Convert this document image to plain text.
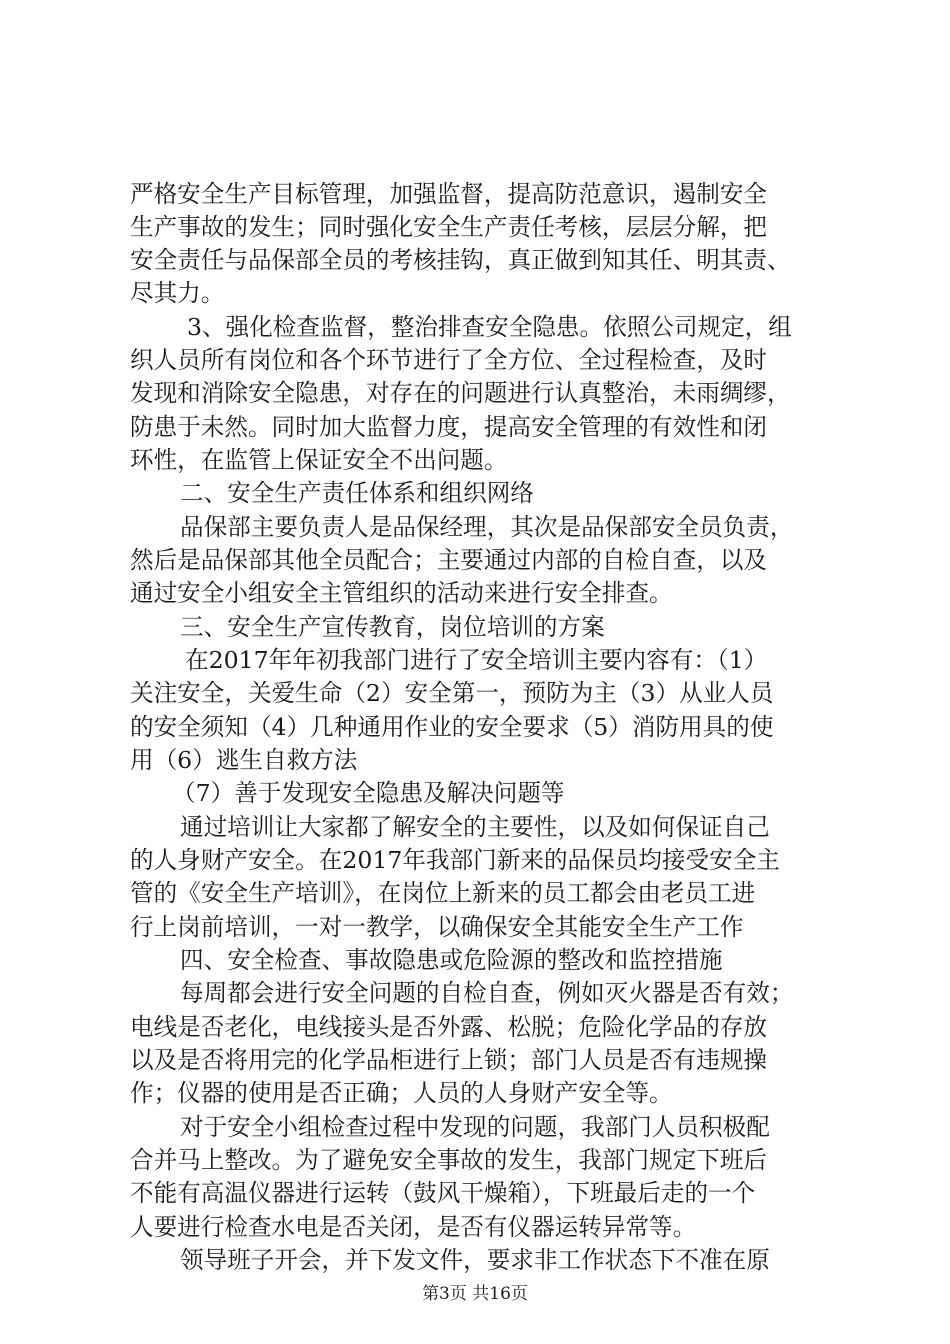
严格安全生产目标管理，加强监督，提高防范意识，遏制安全

生产事故的发生；同时强化安全生产责任考核，层层分解，把

安全责任与品保部全员的考核挂钩，真正做到知其任、明其责、

尽其力。

3、强化检查监督，整治排查安全隐患。依照公司规定，组

织人员所有岗位和各个环节进行了全方位、全过程检查，及时

发现和消除安全隐患，对存在的问题进行认真整治，未雨绸缪，

防患于未然。同时加大监督力度，提高安全管理的有效性和闭

环性，在监管上保证安全不出问题。

二、安全生产责任体系和组织网络

品保部主要负责人是品保经理，其次是品保部安全员负责，

然后是品保部其他全员配合；主要通过内部的自检自查，以及

通过安全小组安全主管组织的活动来进行安全排查。

三、安全生产宣传教育，岗位培训的方案

在2017年年初我部门进行了安全培训主要内容有：（1）

关注安全，关爱生命（2）安全第一，预防为主（3）从业人员

的安全须知（4）几种通用作业的安全要求（5）消防用具的使

用（6）逃生自救方法

（7）善于发现安全隐患及解决问题等

通过培训让大家都了解安全的主要性，以及如何保证自己

的人身财产安全。在2017年我部门新来的品保员均接受安全主

管的《安全生产培训》，在岗位上新来的员工都会由老员工进

行上岗前培训，一对一教学，以确保安全其能安全生产工作

四、安全检查、事故隐患或危险源的整改和监控措施

每周都会进行安全问题的自检自查，例如灭火器是否有效；

电线是否老化，电线接头是否外露、松脱；危险化学品的存放

以及是否将用完的化学品柜进行上锁；部门人员是否有违规操

作；仪器的使用是否正确；人员的人身财产安全等。

对于安全小组检查过程中发现的问题，我部门人员积极配

合并马上整改。为了避免安全事故的发生，我部门规定下班后

不能有高温仪器进行运转（鼓风干燥箱），下班最后走的一个

人要进行检查水电是否关闭，是否有仪器运转异常等。

领导班子开会，并下发文件，要求非工作状态下不准在原

第3页 共16页
